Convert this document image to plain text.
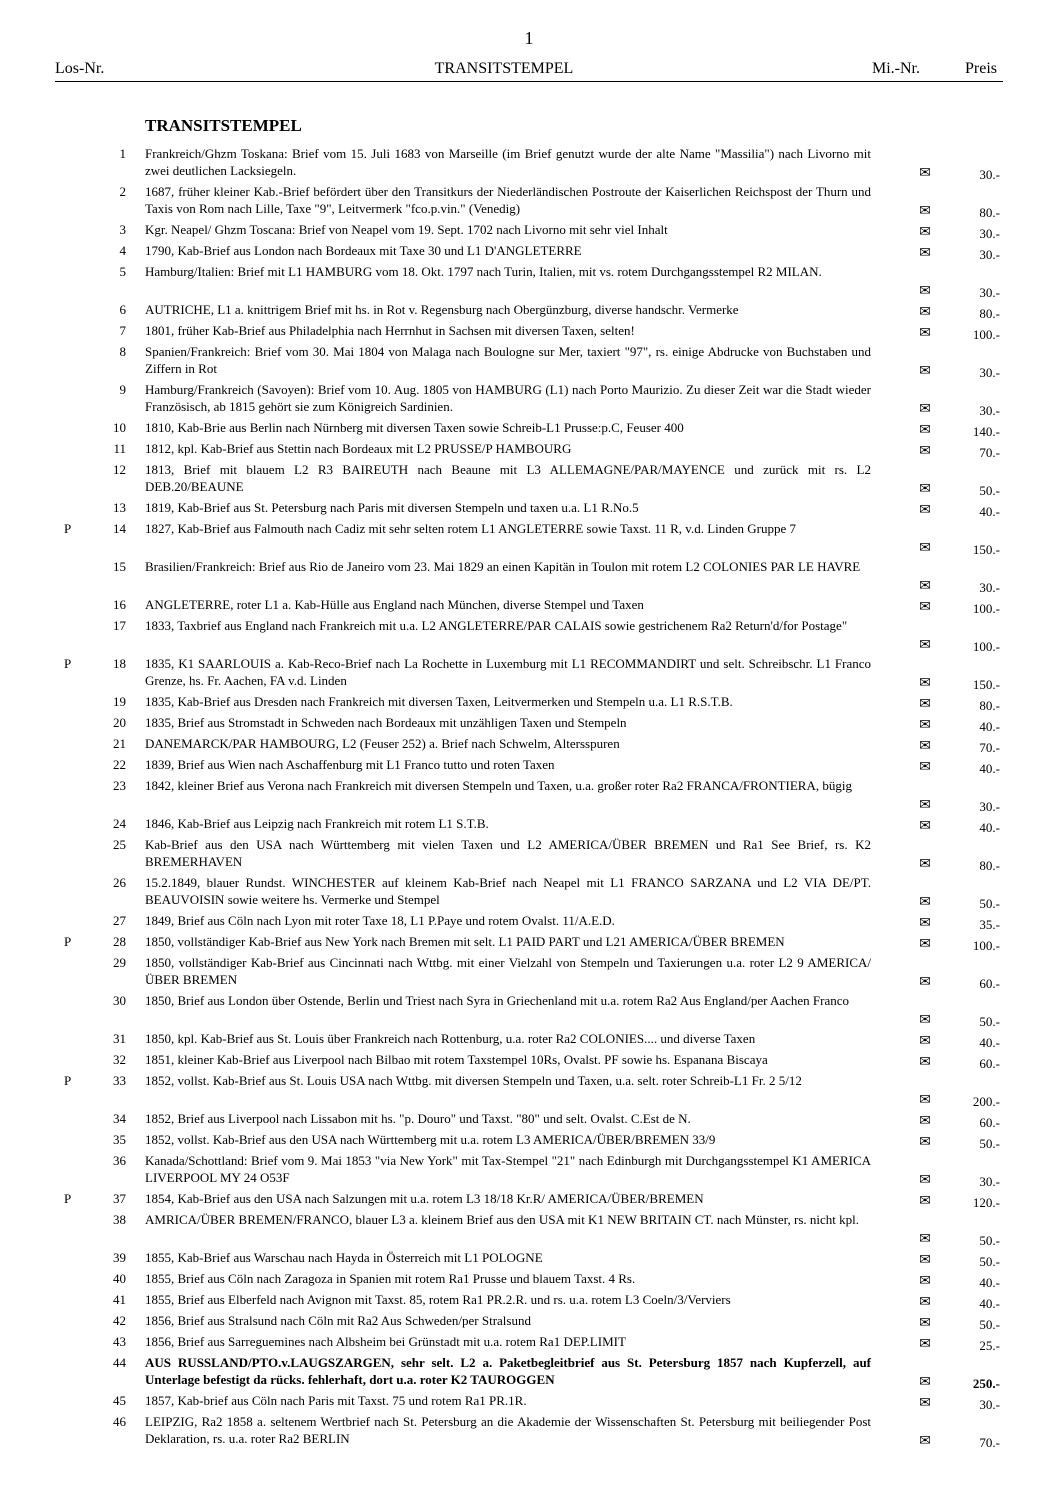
1
Los-Nr.	TRANSITSTEMPEL	Mi.-Nr.	Preis
TRANSITSTEMPEL
1 Frankreich/Ghzm Toskana: Brief vom 15. Juli 1683 von Marseille (im Brief genutzt wurde der alte Name "Massilia") nach Livorno mit zwei deutlichen Lacksiegeln.	✉	30.-
2 1687, früher kleiner Kab.-Brief befördert über den Transitkurs der Niederländischen Postroute der Kaiserlichen Reichspost der Thurn und Taxis von Rom nach Lille, Taxe "9", Leitvermerk "fco.p.vin." (Venedig)	✉	80.-
3 Kgr. Neapel/ Ghzm Toscana: Brief von Neapel vom 19. Sept. 1702 nach Livorno mit sehr viel Inhalt	✉	30.-
4 1790, Kab-Brief aus London nach Bordeaux mit Taxe 30 und L1 D'ANGLETERRE	✉	30.-
5 Hamburg/Italien: Brief mit L1 HAMBURG vom 18. Okt. 1797 nach Turin, Italien, mit vs. rotem Durchgangsstempel R2 MILAN.
✉	30.-
6 AUTRICHE, L1 a. knittrigem Brief mit hs. in Rot v. Regensburg nach Obergünzburg, diverse handschr. Vermerke	✉	80.-
7 1801, früher Kab-Brief aus Philadelphia nach Herrnhut in Sachsen mit diversen Taxen, selten!	✉	100.-
8 Spanien/Frankreich: Brief vom 30. Mai 1804 von Malaga nach Boulogne sur Mer, taxiert "97", rs. einige Abdrucke von Buchstaben und Ziffern in Rot	✉	30.-
9 Hamburg/Frankreich (Savoyen): Brief vom 10. Aug. 1805 von HAMBURG (L1) nach Porto Maurizio. Zu dieser Zeit war die Stadt wieder Französisch, ab 1815 gehört sie zum Königreich Sardinien.	✉	30.-
10 1810, Kab-Brie aus Berlin nach Nürnberg mit diversen Taxen sowie Schreib-L1 Prusse:p.C, Feuser 400	✉	140.-
11 1812, kpl. Kab-Brief aus Stettin nach Bordeaux mit L2 PRUSSE/P HAMBOURG	✉	70.-
12 1813, Brief mit blauem L2 R3 BAIREUTH nach Beaune mit L3 ALLEMAGNE/PAR/MAYENCE und zurück mit rs. L2 DEB.20/BEAUNE	✉	50.-
13 1819, Kab-Brief aus St. Petersburg nach Paris mit diversen Stempeln und taxen u.a. L1 R.No.5	✉	40.-
P	14 1827, Kab-Brief aus Falmouth nach Cadiz mit sehr selten rotem L1 ANGLETERRE sowie Taxst. 11 R, v.d. Linden Gruppe 7
✉	150.-
15 Brasilien/Frankreich: Brief aus Rio de Janeiro vom 23. Mai 1829 an einen Kapitän in Toulon mit rotem L2 COLONIES PAR LE HAVRE
✉	30.-
16 ANGLETERRE, roter L1 a. Kab-Hülle aus England nach München, diverse Stempel und Taxen	✉	100.-
17 1833, Taxbrief aus England nach Frankreich mit u.a. L2 ANGLETERRE/PAR CALAIS sowie gestrichenem Ra2 Return'd/for Postage"
✉	100.-
P	18 1835, K1 SAARLOUIS a. Kab-Reco-Brief nach La Rochette in Luxemburg mit L1 RECOMMANDIRT und selt. Schreibschr. L1 Franco Grenze, hs. Fr. Aachen, FA v.d. Linden	✉	150.-
19 1835, Kab-Brief aus Dresden nach Frankreich mit diversen Taxen, Leitvermerken und Stempeln u.a. L1 R.S.T.B.	✉	80.-
20 1835, Brief aus Stromstadt in Schweden nach Bordeaux mit unzähligen Taxen und Stempeln	✉	40.-
21 DANEMARCK/PAR HAMBOURG, L2 (Feuser 252) a. Brief nach Schwelm, Altersspuren	✉	70.-
22 1839, Brief aus Wien nach Aschaffenburg mit L1 Franco tutto und roten Taxen	✉	40.-
23 1842, kleiner Brief aus Verona nach Frankreich mit diversen Stempeln und Taxen, u.a. großer roter Ra2 FRANCA/FRONTIERA, bügig
✉	30.-
24 1846, Kab-Brief aus Leipzig nach Frankreich mit rotem L1 S.T.B.	✉	40.-
25 Kab-Brief aus den USA nach Württemberg mit vielen Taxen und L2 AMERICA/ÜBER BREMEN und Ra1 See Brief, rs. K2 BREMERHAVEN	✉	80.-
26 15.2.1849, blauer Rundst. WINCHESTER auf kleinem Kab-Brief nach Neapel mit L1 FRANCO SARZANA und L2 VIA DE/PT. BEAUVOISIN sowie weitere hs. Vermerke und Stempel	✉	50.-
27 1849, Brief aus Cöln nach Lyon mit roter Taxe 18, L1 P.Paye und rotem Ovalst. 11/A.E.D.	✉	35.-
P	28 1850, vollständiger Kab-Brief aus New York nach Bremen mit selt. L1 PAID PART und L21 AMERICA/ÜBER BREMEN	✉	100.-
29 1850, vollständiger Kab-Brief aus Cincinnati nach Wttbg. mit einer Vielzahl von Stempeln und Taxierungen u.a. roter L2 9 AMERICA/ÜBER BREMEN	✉	60.-
30 1850, Brief aus London über Ostende, Berlin und Triest nach Syra in Griechenland mit u.a. rotem Ra2 Aus England/per Aachen Franco
✉	50.-
31 1850, kpl. Kab-Brief aus St. Louis über Frankreich nach Rottenburg, u.a. roter Ra2 COLONIES.... und diverse Taxen	✉	40.-
32 1851, kleiner Kab-Brief aus Liverpool nach Bilbao mit rotem Taxstempel 10Rs, Ovalst. PF sowie hs. Espanana Biscaya	✉	60.-
P	33 1852, vollst. Kab-Brief aus St. Louis USA nach Wttbg. mit diversen Stempeln und Taxen, u.a. selt. roter Schreib-L1 Fr. 2 5/12
✉	200.-
34 1852, Brief aus Liverpool nach Lissabon mit hs. "p. Douro" und Taxst. "80" und selt. Ovalst. C.Est de N.	✉	60.-
35 1852, vollst. Kab-Brief aus den USA nach Württemberg mit u.a. rotem L3 AMERICA/ÜBER/BREMEN 33/9	✉	50.-
36 Kanada/Schottland: Brief vom 9. Mai 1853 "via New York" mit Tax-Stempel "21" nach Edinburgh mit Durchgangsstempel K1 AMERICA LIVERPOOL MY 24 O53F	✉	30.-
P	37 1854, Kab-Brief aus den USA nach Salzungen mit u.a. rotem L3 18/18 Kr.R/ AMERICA/ÜBER/BREMEN	✉	120.-
38 AMRICA/ÜBER BREMEN/FRANCO, blauer L3 a. kleinem Brief aus den USA mit K1 NEW BRITAIN CT. nach Münster, rs. nicht kpl.
✉	50.-
39 1855, Kab-Brief aus Warschau nach Hayda in Österreich mit L1 POLOGNE	✉	50.-
40 1855, Brief aus Cöln nach Zaragoza in Spanien mit rotem Ra1 Prusse und blauem Taxst. 4 Rs.	✉	40.-
41 1855, Brief aus Elberfeld nach Avignon mit Taxst. 85, rotem Ra1 PR.2.R. und rs. u.a. rotem L3 Coeln/3/Verviers	✉	40.-
42 1856, Brief aus Stralsund nach Cöln mit Ra2 Aus Schweden/per Stralsund	✉	50.-
43 1856, Brief aus Sarreguemines nach Albsheim bei Grünstadt mit u.a. rotem Ra1 DEP.LIMIT	✉	25.-
44 AUS RUSSLAND/PTO.v.LAUGSZARGEN, sehr selt. L2 a. Paketbegleitbrief aus St. Petersburg 1857 nach Kupferzell, auf Unterlage befestigt da rücks. fehlerhaft, dort u.a. roter K2 TAUROGGEN	✉	250.-
45 1857, Kab-brief aus Cöln nach Paris mit Taxst. 75 und rotem Ra1 PR.1R.	✉	30.-
46 LEIPZIG, Ra2 1858 a. seltenem Wertbrief nach St. Petersburg an die Akademie der Wissenschaften St. Petersburg mit beiliegender Post Deklaration, rs. u.a. roter Ra2 BERLIN	✉	70.-
